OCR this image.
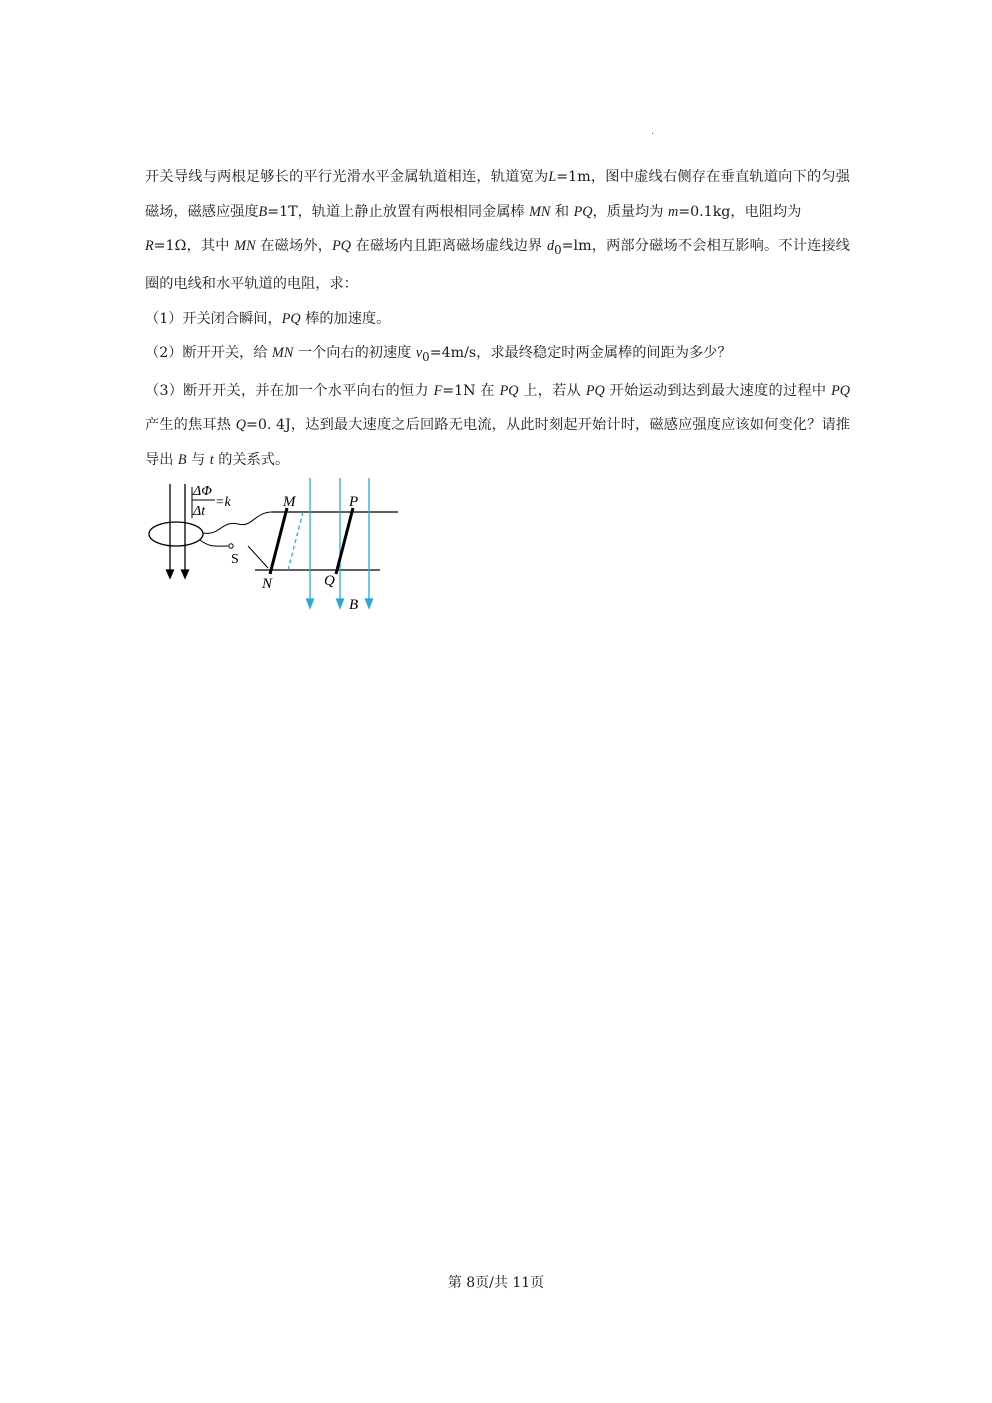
.

开关导线与两根足够长的平行光滑水平金属轨道相连，轨道宽为L=1m，图中虚线右侧存在垂直轨道向下的匀强磁场，磁感应强度B=1T，轨道上静止放置有两根相同金属棒 MN 和 PQ，质量均为 m=0.1kg，电阻均为
R=1Ω，其中 MN 在磁场外，PQ 在磁场内且距离磁场虚线边界 $d_0=lm$，两部分磁场不会相互影响。不计连接线圈的电线和水平轨道的电阻，求：

（1）开关闭合瞬间，PQ 棒的加速度。

（2）断开开关，给 MN 一个向右的初速度 $v_0=4m/s$，求最终稳定时两金属棒的间距为多少？

（3）断开开关，并在加一个水平向右的恒力 F=1N 在 PQ 上，若从 PQ 开始运动到达到最大速度的过程中 PQ 产生的焦耳热 Q=0. 4J，达到最大速度之后回路无电流，从此时刻起开始计时，磁感应强度应该如何变化？请推导出 B 与 t 的关系式。

ΔΦ
Δt
=k
S
M	P
N	Q
B
第 8页/共 11页
